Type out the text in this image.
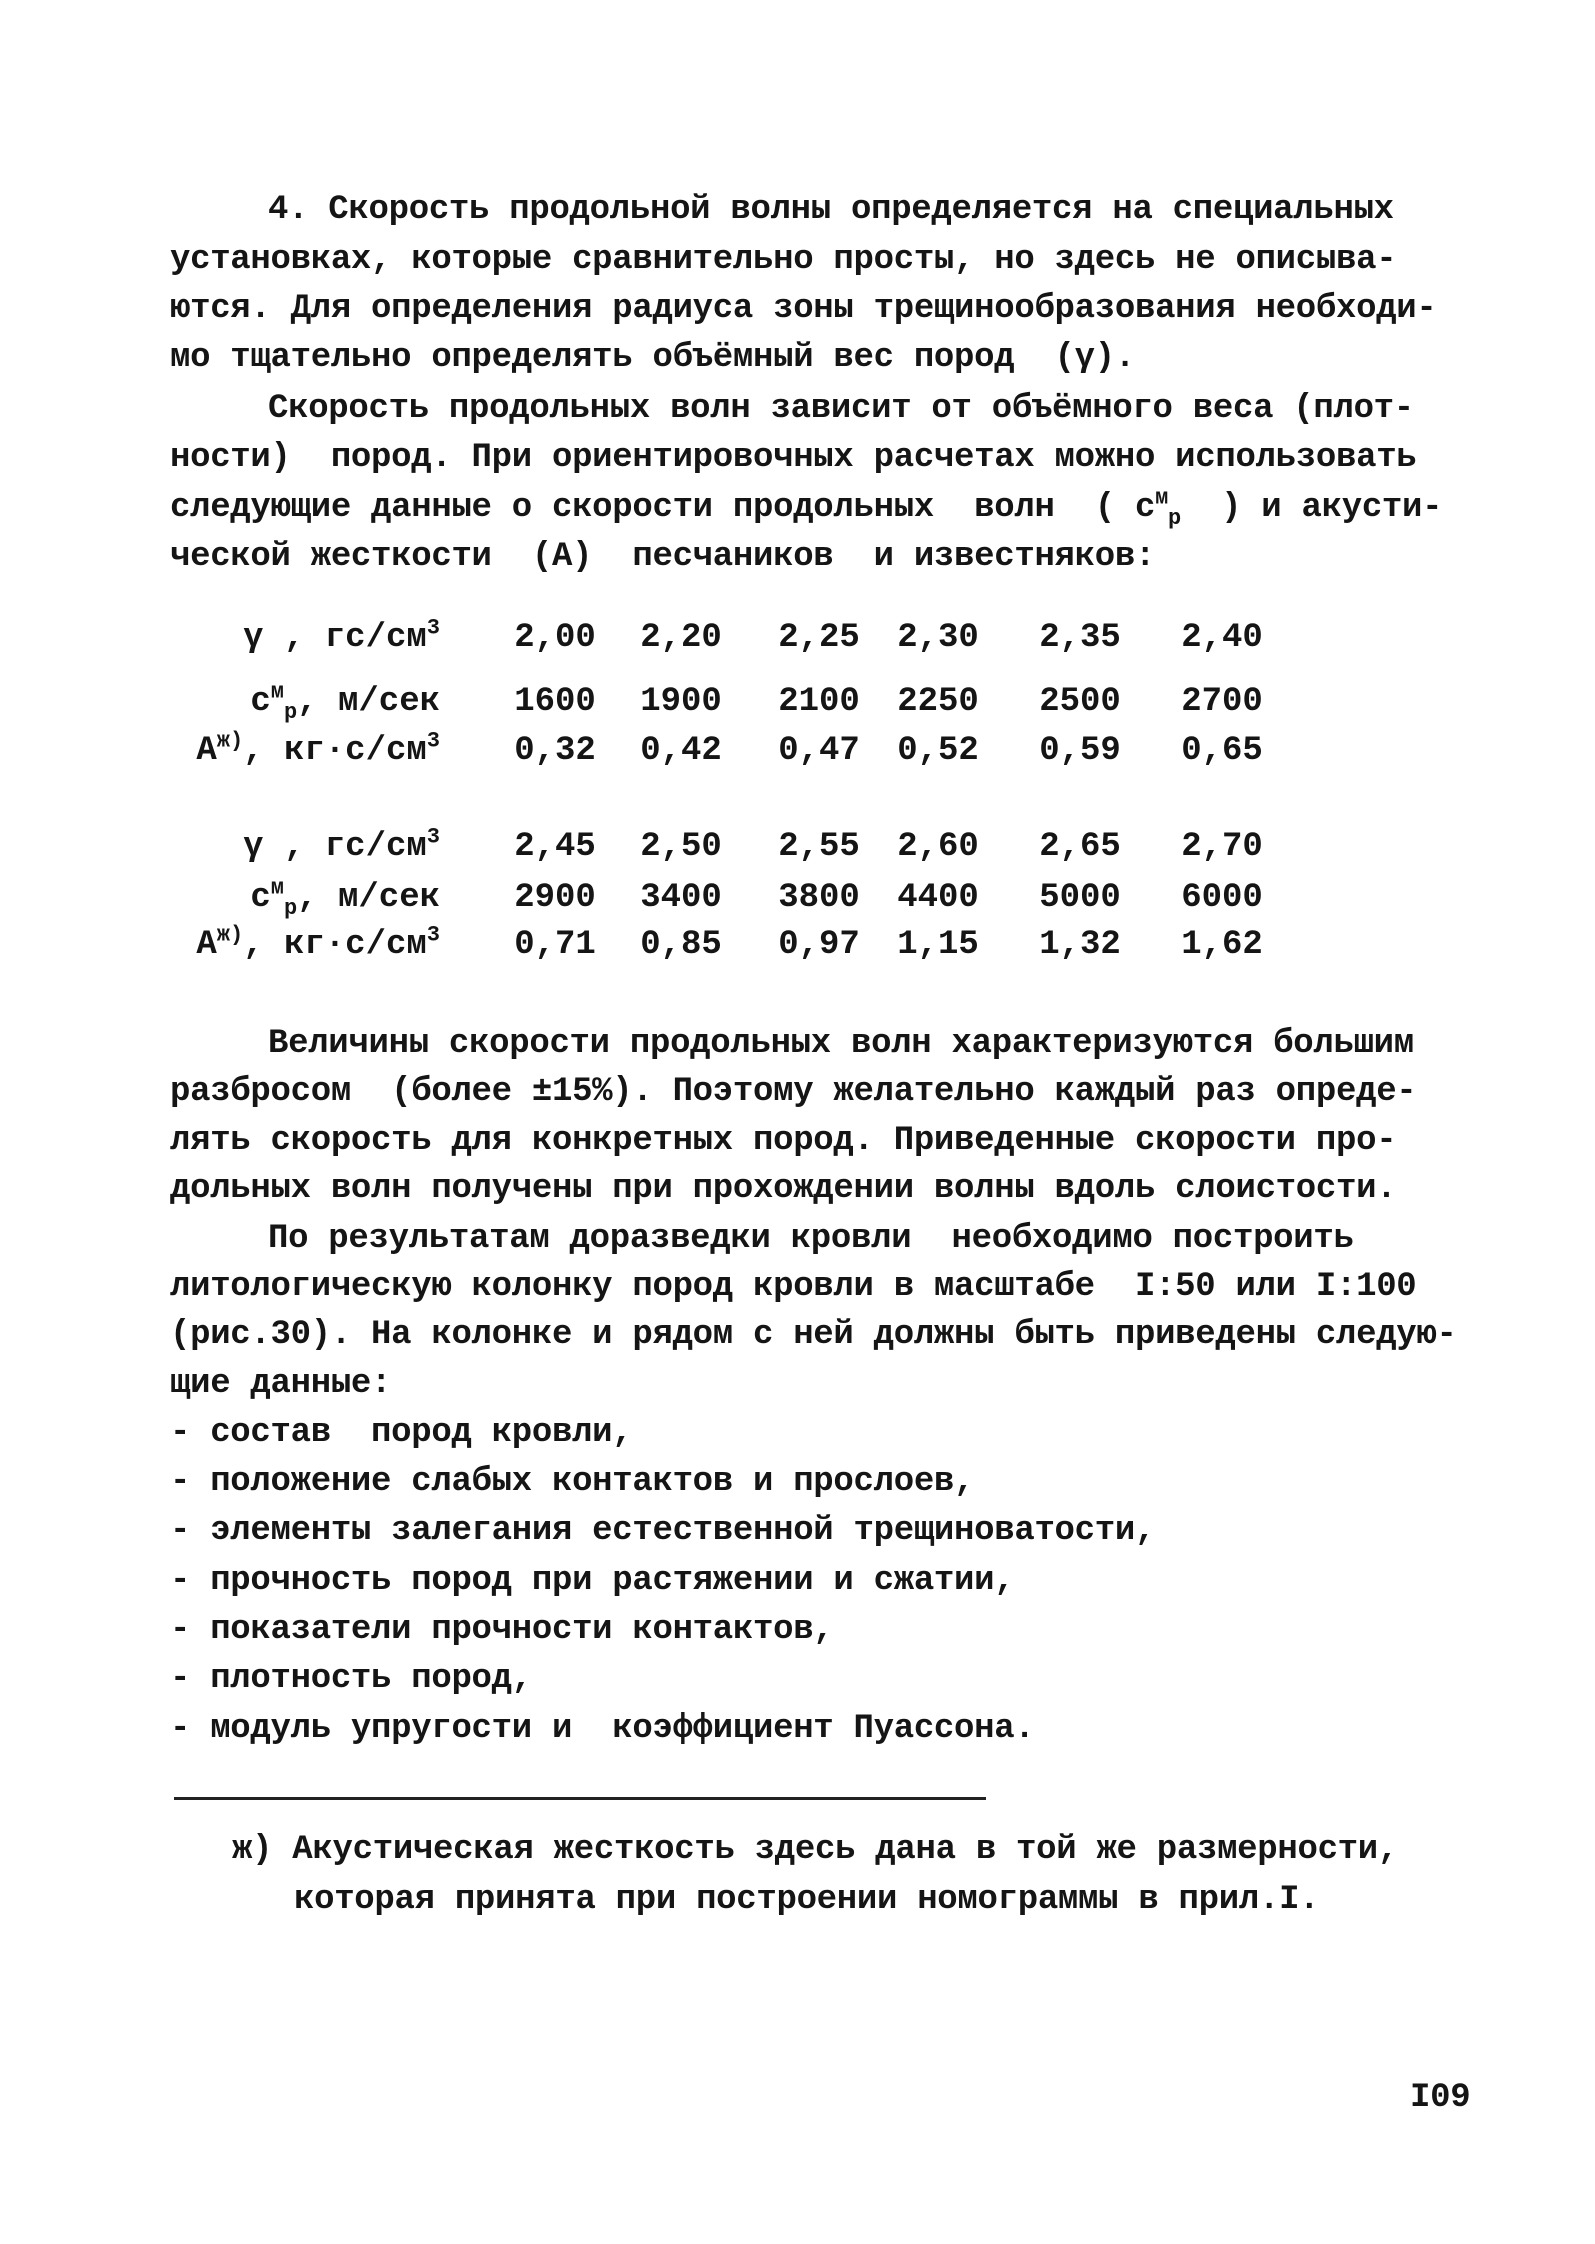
4. Скорость продольной волны определяется на специальных
установках, которые сравнительно просты, но здесь не описыва-
ются. Для определения радиуса зоны трещинообразования необходи-
мо тщательно определять объёмный вес пород  (γ).
Скорость продольных волн зависит от объёмного веса (плот-
ности)  пород. При ориентировочных расчетах можно использовать
следующие данные о скорости продольных  волн  ( $c^м_р$  ) и акусти-
ческой жесткости  (А)  песчаников  и известняков:
γ , $гс/см^3$	2,00	2,20	2,25	2,30	2,35	2,40
$c^м_р$, м/сек	1600	1900	2100	2250	2500	2700
$А^{ж)}$, $кг\cdot с/см^3$	0,32	0,42	0,47	0,52	0,59	0,65
γ , $гс/см^3$	2,45	2,50	2,55	2,60	2,65	2,70
$c^м_р$, м/сек	2900	3400	3800	4400	5000	6000
$А^{ж)}$, $кг\cdot с/см^3$	0,71	0,85	0,97	1,15	1,32	1,62
Величины скорости продольных волн характеризуются большим
разбросом  (более ±15%). Поэтому желательно каждый раз опреде-
лять скорость для конкретных пород. Приведенные скорости про-
дольных волн получены при прохождении волны вдоль слоистости.
По результатам доразведки кровли  необходимо построить
литологическую колонку пород кровли в масштабе  I:50 или I:100
(рис.30). На колонке и рядом с ней должны быть приведены следую-
щие данные:
- состав  пород кровли,
- положение слабых контактов и прослоев,
- элементы залегания естественной трещиноватости,
- прочность пород при растяжении и сжатии,
- показатели прочности контактов,
- плотность пород,
- модуль упругости и  коэффициент Пуассона.
ж) Акустическая жесткость здесь дана в той же размерности,
которая принята при построении номограммы в прил.I.
I09
